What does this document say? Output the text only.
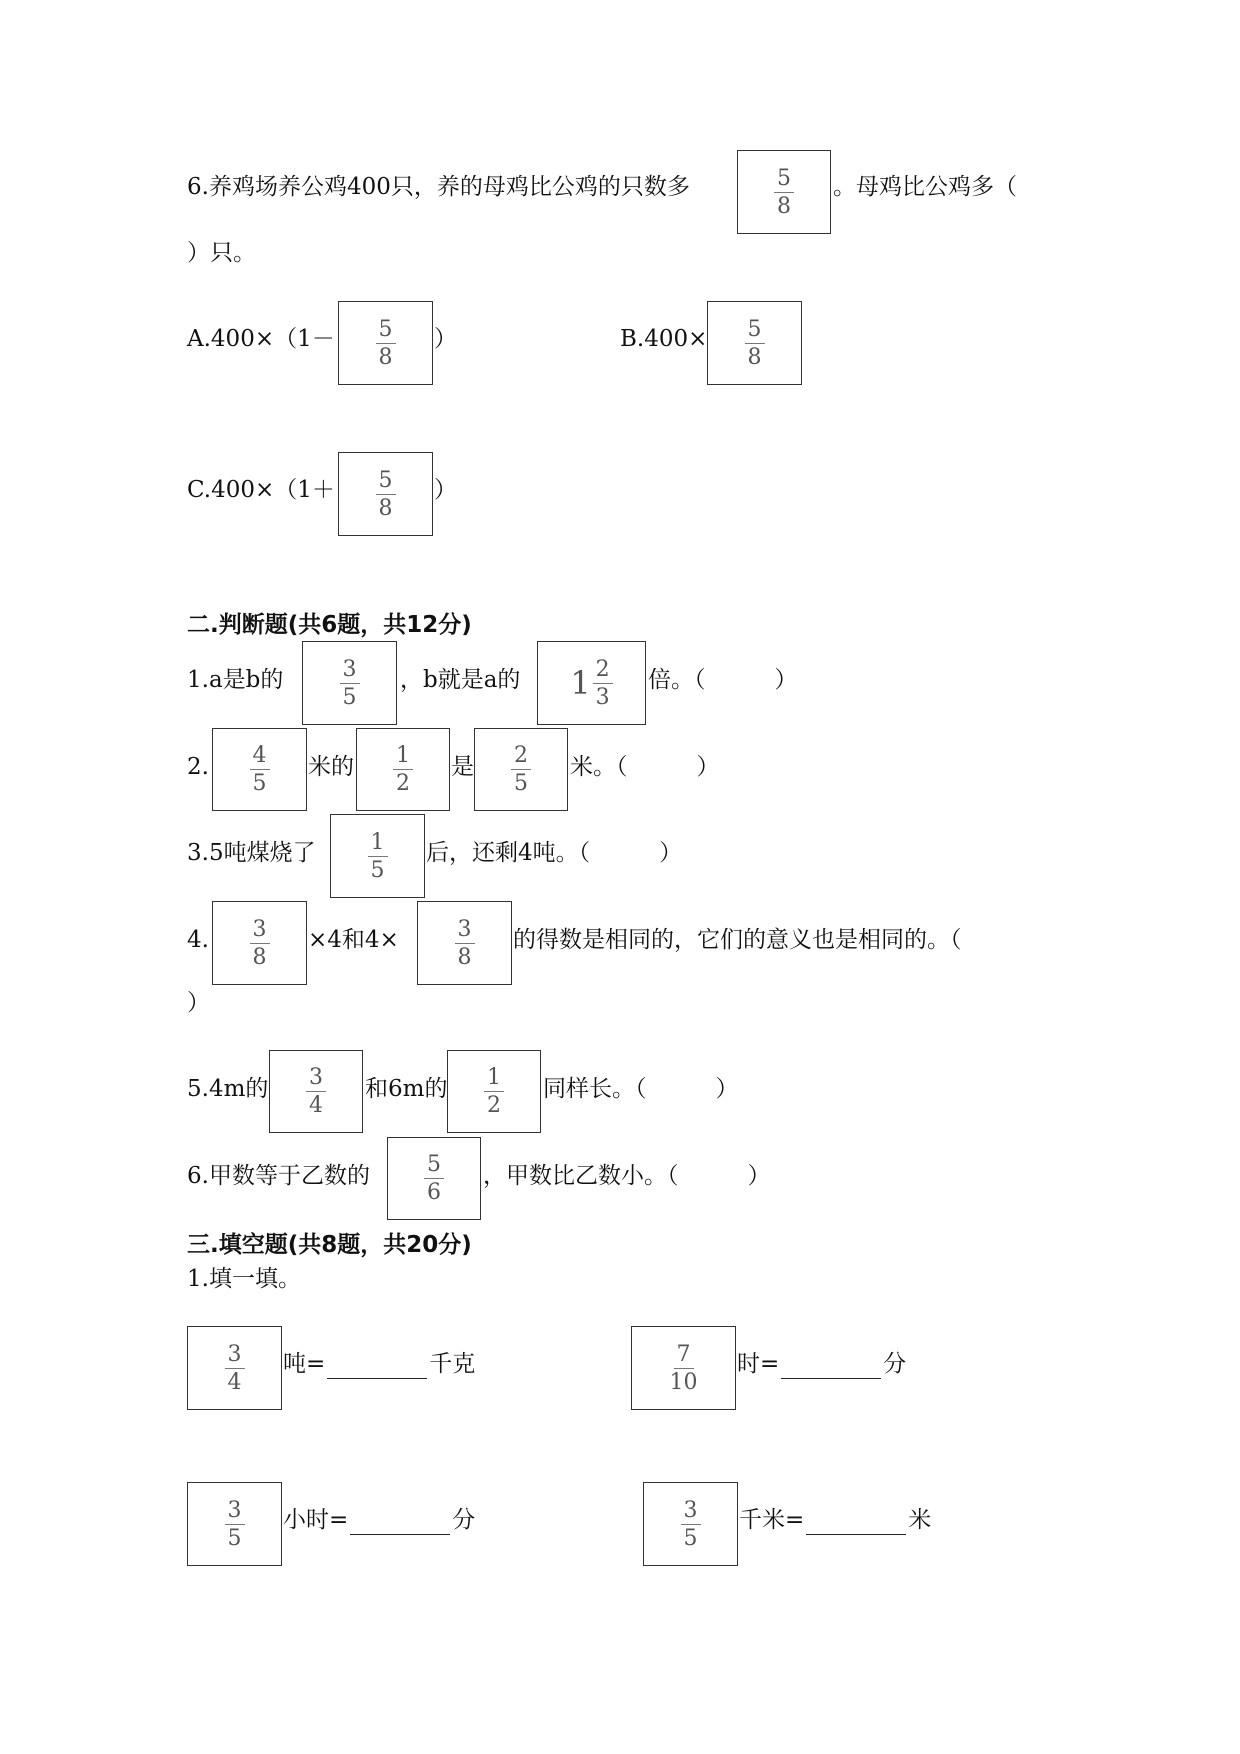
6.养鸡场养公鸡400只，养的母鸡比公鸡的只数多	$\frac{5}{8}$ 。母鸡比公鸡多（
）只。
$A.400\times(1- \frac{5}{8}$ ）	$B.400\times \frac{5}{8}$
$C.400\times(1+ \frac{5}{8}$ ）
二.判断题(共6题，共12分)
1.a是b的	$\frac{3}{5}$ ，b就是a的 $1 \frac{2}{3}$ 倍。（　　　）
2. $\frac{4}{5}$ 米的 $\frac{1}{2}$ 是 $\frac{2}{5}$ 米。（　　　）
3.5吨煤烧了 $\frac{1}{5}$ 后，还剩4吨。（　　　）
4. $\frac{3}{8} \times 4$和4×	$\frac{3}{8}$ 的得数是相同的，它们的意义也是相同的。（
）
5.4m的 $\frac{3}{4}$ 和6m的 $\frac{1}{2}$ 同样长。（　　　）
6.甲数等于乙数的 $\frac{5}{6}$ ，甲数比乙数小。（　　　）
三.填空题(共8题，共20分)
1.填一填。
$\frac{3}{4}$ 吨=	千克	$\frac{7}{10}$ 时=	分
$\frac{3}{5}$ 小时=	分	$\frac{3}{5}$ 千米=	米
